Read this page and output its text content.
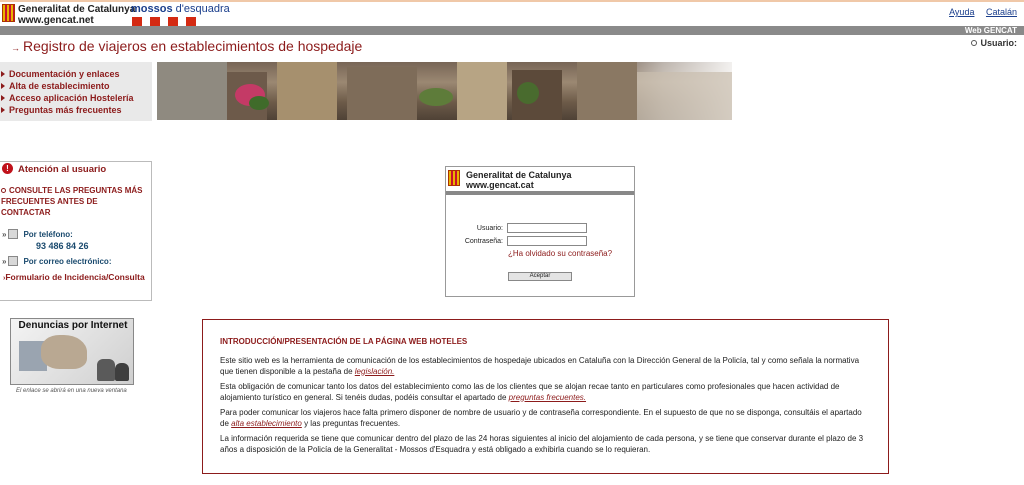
Generalitat de Catalunya
www.gencat.net
mossos d'esquadra	Ayuda Catalán
Web GENCAT
→ Registro de viajeros en establecimientos de hospedaje	Usuario:
Documentación y enlaces
Alta de establecimiento
Acceso aplicación Hostelería
Preguntas más frecuentes
! Atención al usuario
CONSULTE LAS PREGUNTAS MÁS FRECUENTES ANTES DE CONTACTAR
» Por teléfono:
93 486 84 26
» Por correo electrónico:
›Formulario de Incidencia/Consulta
Denuncias por Internet
El enlace se abrirá en una nueva ventana
Generalitat de Catalunya
www.gencat.cat
Usuario:
Contraseña:
¿Ha olvidado su contraseña?
Aceptar
INTRODUCCIÓN/PRESENTACIÓN DE LA PÁGINA WEB HOTELES

Este sitio web es la herramienta de comunicación de los establecimientos de hospedaje ubicados en Cataluña con la Dirección General de la Policía, tal y como señala la normativa que tienen disponible a la pestaña de legislación.

Esta obligación de comunicar tanto los datos del establecimiento como las de los clientes que se alojan recae tanto en particulares como profesionales que hacen actividad de alojamiento turístico en general. Si tenéis dudas, podéis consultar el apartado de preguntas frecuentes.

Para poder comunicar los viajeros hace falta primero disponer de nombre de usuario y de contraseña correspondiente. En el supuesto de que no se disponga, consultáis el apartado de alta establecimiento y las preguntas frecuentes.

La información requerida se tiene que comunicar dentro del plazo de las 24 horas siguientes al inicio del alojamiento de cada persona, y se tiene que conservar durante el plazo de 3 años a disposición de la Policía de la Generalitat - Mossos d'Esquadra y está obligado a exhibirla cuando se lo requieran.
